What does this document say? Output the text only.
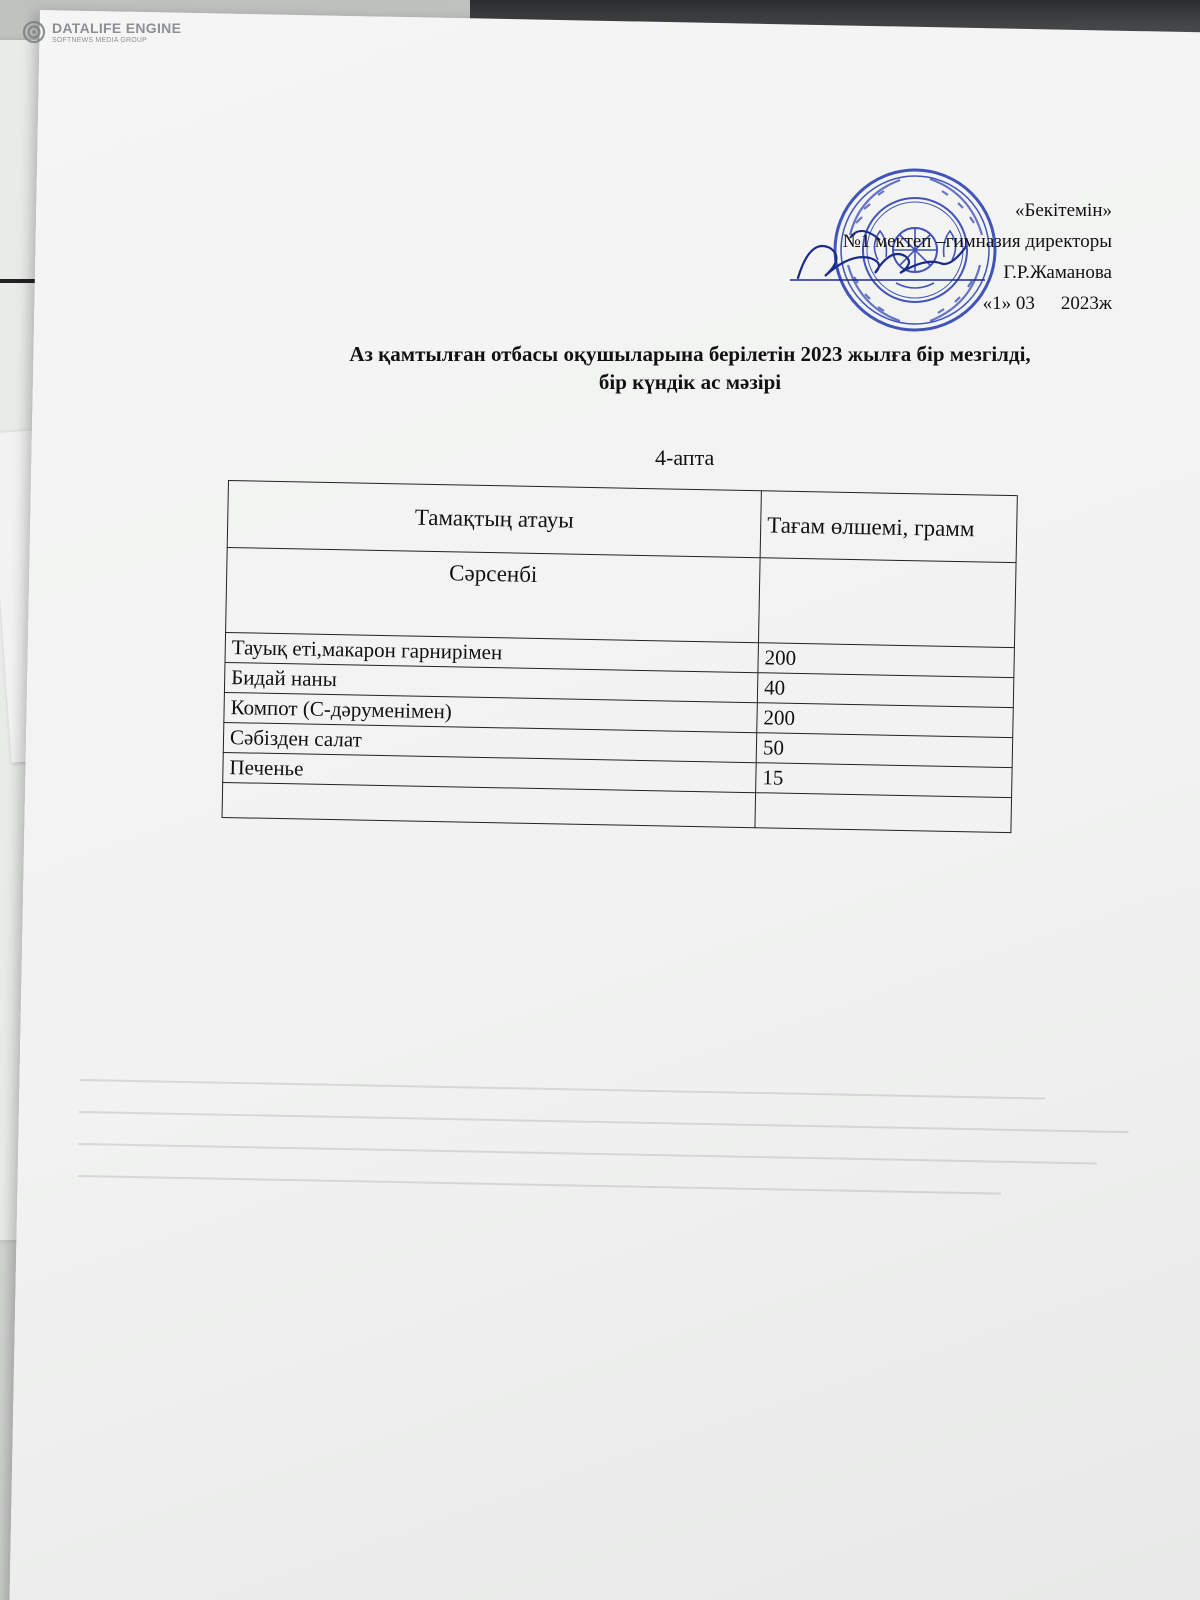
DATALIFE ENGINE
SOFTNEWS MEDIA GROUP
«Бекітемін»
№1 мектеп –гимназия директоры
Г.Р.Жаманова
«1» 03 2023ж
Аз қамтылған отбасы оқушыларына берілетін 2023 жылға бір мезгілді,
бір күндік ас мәзірі
4-апта
Тамақтың атауы	Тағам өлшемі, грамм
Сәрсенбі	
Тауық еті,макарон гарнирімен	200
Бидай наны	40
Компот (С-дәруменімен)	200
Сәбізден салат	50
Печенье	15
